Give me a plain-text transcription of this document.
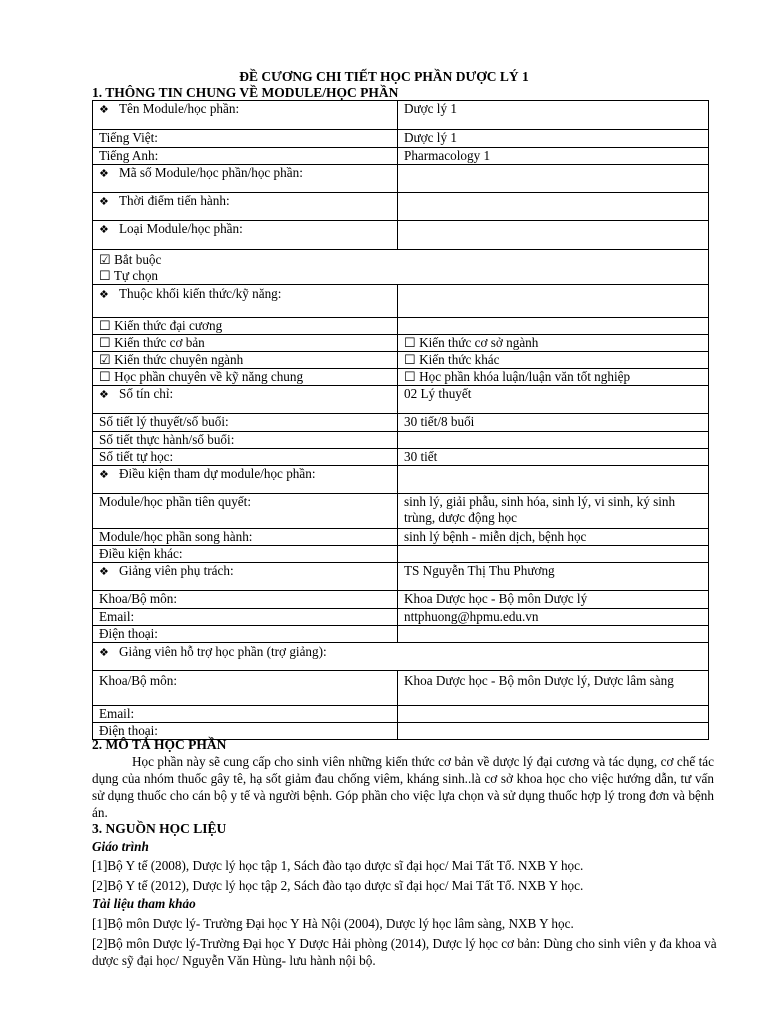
ĐỀ CƯƠNG CHI TIẾT HỌC PHẦN DƯỢC LÝ 1
1. THÔNG TIN CHUNG VỀ MODULE/HỌC PHẦN
❖ Tên Module/học phần:	Dược lý 1
Tiếng Việt:	Dược lý 1
Tiếng Anh:	Pharmacology 1
❖ Mã số Module/học phần/học phần:	
❖ Thời điểm tiến hành:	
❖ Loại Module/học phần:	

☑ Bắt buộc
☐ Tự chọn	

❖ Thuộc khối kiến thức/kỹ năng:	
☐ Kiến thức đại cương	
☐ Kiến thức cơ bản	☐ Kiến thức cơ sở ngành
☑ Kiến thức chuyên ngành	☐ Kiến thức khác
☐ Học phần chuyên về kỹ năng chung	☐ Học phần khóa luận/luận văn tốt nghiệp
❖ Số tín chỉ:	02 Lý thuyết
Số tiết lý thuyết/số buổi:	30 tiết/8 buổi
Số tiết thực hành/số buổi:	
Số tiết tự học:	30 tiết
❖ Điều kiện tham dự module/học phần:	
Module/học phần tiên quyết:	sinh lý, giải phẫu, sinh hóa, sinh lý, vi sinh, ký sinh trùng, dược động học
Module/học phần song hành:	sinh lý bệnh - miễn dịch, bệnh học
Điều kiện khác:	
❖ Giảng viên phụ trách:	TS Nguyễn Thị Thu Phương
Khoa/Bộ môn:	Khoa Dược học - Bộ môn Dược lý
Email:	nttphuong@hpmu.edu.vn
Điện thoại:	
❖ Giảng viên hỗ trợ học phần (trợ giảng):
Khoa/Bộ môn:	Khoa Dược học - Bộ môn Dược lý, Dược lâm sàng
Email:	
Điện thoại:	
2. MÔ TẢ HỌC PHẦN
Học phần này sẽ cung cấp cho sinh viên những kiến thức cơ bản về dược lý đại cương và tác dụng, cơ chế tác dụng của nhóm thuốc gây tê, hạ sốt giảm đau chống viêm, kháng sinh..là cơ sở khoa học cho việc hướng dẫn, tư vấn sử dụng thuốc cho cán bộ y tế và người bệnh. Góp phần cho việc lựa chọn và sử dụng thuốc hợp lý trong đơn và bệnh án.
3. NGUỒN HỌC LIỆU
Giáo trình
[1]Bộ Y tế (2008), Dược lý học tập 1, Sách đào tạo dược sĩ đại học/ Mai Tất Tố. NXB Y học.
[2]Bộ Y tế (2012), Dược lý học tập 2, Sách đào tạo dược sĩ đại học/ Mai Tất Tố. NXB Y học.
Tài liệu tham khảo
[1]Bộ môn Dược lý- Trường Đại học Y Hà Nội (2004), Dược lý học lâm sàng, NXB Y học.
[2]Bộ môn Dược lý-Trường Đại học Y Dược Hải phòng (2014), Dược lý học cơ bản: Dùng cho sinh viên y đa khoa và dược sỹ đại học/ Nguyễn Văn Hùng- lưu hành nội bộ.
